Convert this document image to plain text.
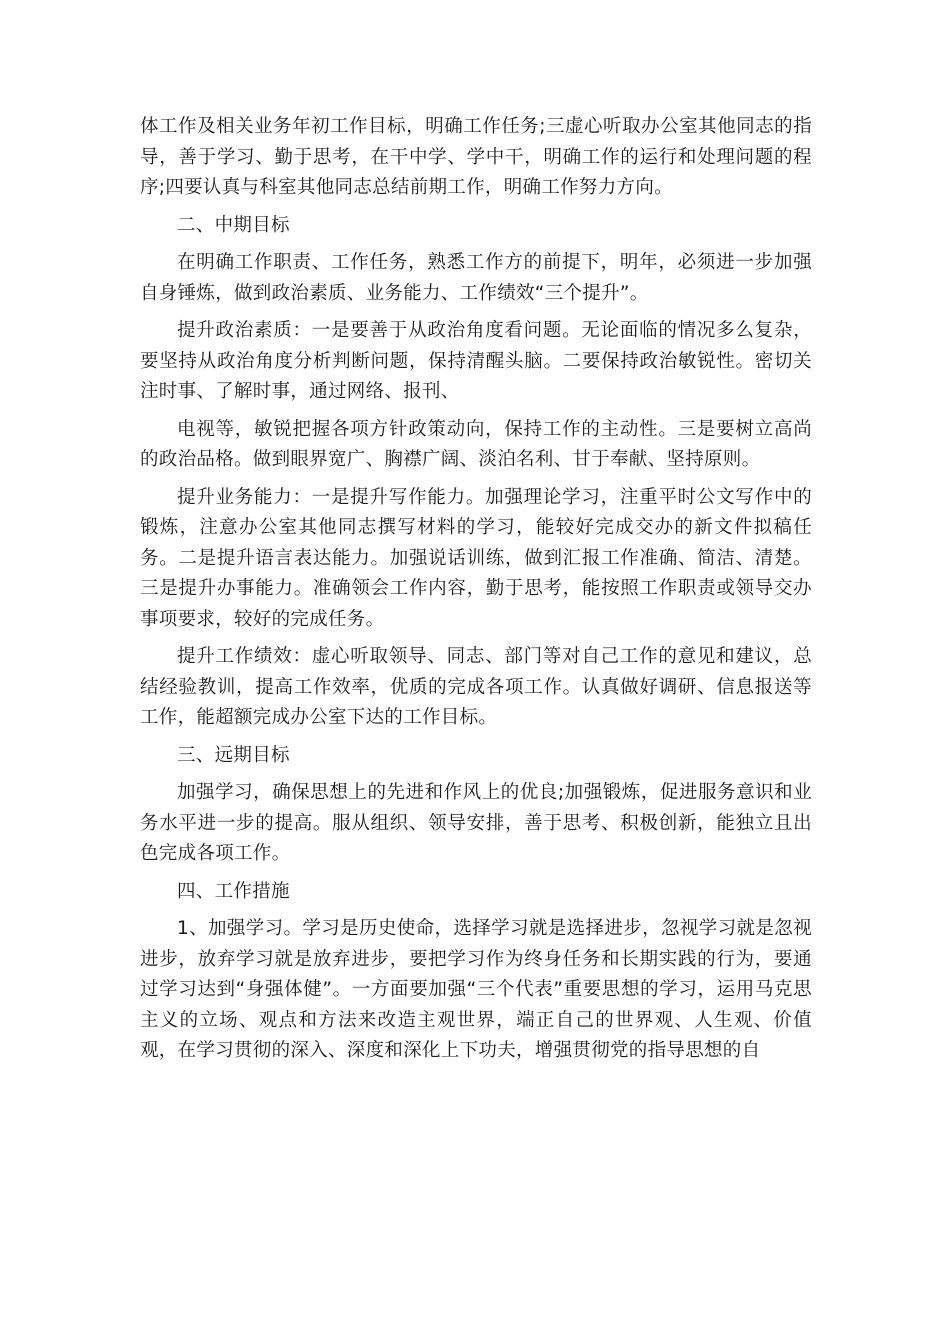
体工作及相关业务年初工作目标，明确工作任务;三虚心听取办公室其他同志的指导，善于学习、勤于思考，在干中学、学中干，明确工作的运行和处理问题的程序;四要认真与科室其他同志总结前期工作，明确工作努力方向。

二、中期目标

在明确工作职责、工作任务，熟悉工作方的前提下，明年，必须进一步加强自身锤炼，做到政治素质、业务能力、工作绩效“三个提升”。

提升政治素质：一是要善于从政治角度看问题。无论面临的情况多么复杂，要坚持从政治角度分析判断问题，保持清醒头脑。二要保持政治敏锐性。密切关注时事、了解时事，通过网络、报刊、

电视等，敏锐把握各项方针政策动向，保持工作的主动性。三是要树立高尚的政治品格。做到眼界宽广、胸襟广阔、淡泊名利、甘于奉献、坚持原则。

提升业务能力：一是提升写作能力。加强理论学习，注重平时公文写作中的锻炼，注意办公室其他同志撰写材料的学习，能较好完成交办的新文件拟稿任务。二是提升语言表达能力。加强说话训练，做到汇报工作准确、简洁、清楚。三是提升办事能力。准确领会工作内容，勤于思考，能按照工作职责或领导交办事项要求，较好的完成任务。

提升工作绩效：虚心听取领导、同志、部门等对自己工作的意见和建议，总结经验教训，提高工作效率，优质的完成各项工作。认真做好调研、信息报送等工作，能超额完成办公室下达的工作目标。

三、远期目标

加强学习，确保思想上的先进和作风上的优良;加强锻炼，促进服务意识和业务水平进一步的提高。服从组织、领导安排，善于思考、积极创新，能独立且出色完成各项工作。

四、工作措施

1、加强学习。学习是历史使命，选择学习就是选择进步，忽视学习就是忽视进步，放弃学习就是放弃进步，要把学习作为终身任务和长期实践的行为，要通过学习达到“身强体健”。一方面要加强“三个代表”重要思想的学习，运用马克思主义的立场、观点和方法来改造主观世界，端正自己的世界观、人生观、价值观，在学习贯彻的深入、深度和深化上下功夫，增强贯彻党的指导思想的自
